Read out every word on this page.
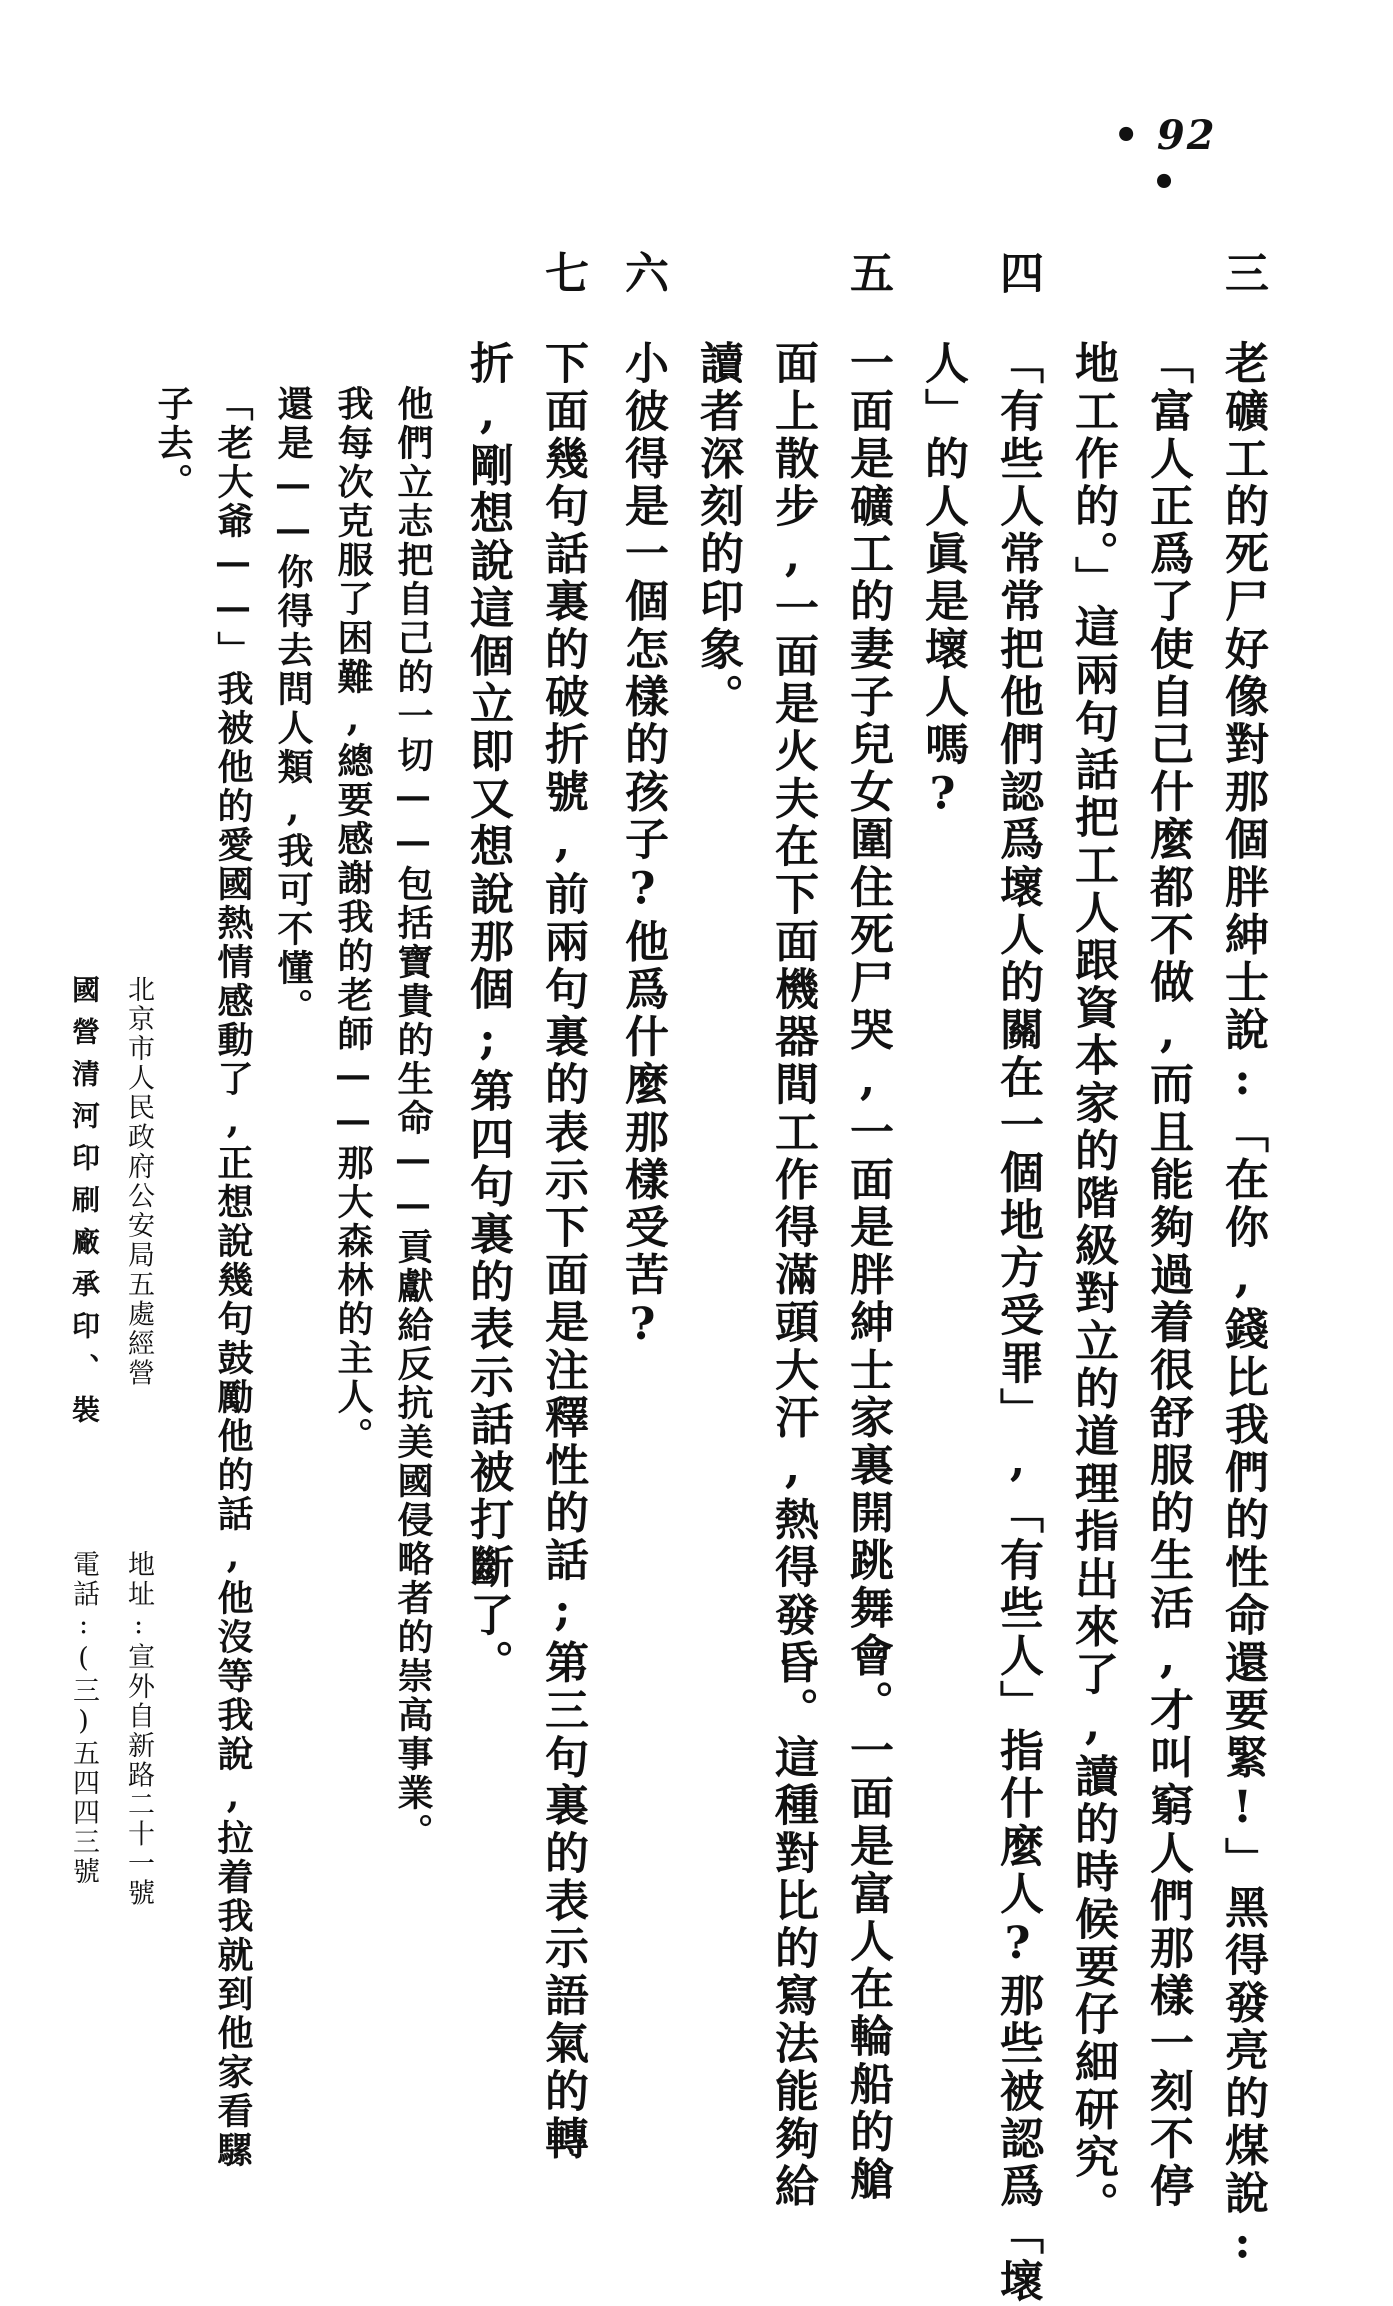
• 92 •
三
老礦工的死尸好像對那個胖紳士說:「在你,錢比我們的性命還要緊!」黑得發亮的煤說:
「富人正爲了使自己什麼都不做,而且能夠過着很舒服的生活,才叫窮人們那樣一刻不停
地工作的。」這兩句話把工人跟資本家的階級對立的道理指出來了,讀的時候要仔細研究。
四
「有些人常常把他們認爲壞人的關在一個地方受罪」,「有些人」指什麼人?那些被認爲「壞
人」的人眞是壞人嗎?
五
一面是礦工的妻子兒女圍住死尸哭,一面是胖紳士家裏開跳舞會。一面是富人在輪船的艙
面上散步,一面是火夫在下面機器間工作得滿頭大汗,熱得發昏。這種對比的寫法能夠給
讀者深刻的印象。
六
小彼得是一個怎樣的孩子?他爲什麼那樣受苦?
七
下面幾句話裏的破折號,前兩句裏的表示下面是注釋性的話;第三句裏的表示語氣的轉
折,剛想說這個立即又想說那個;第四句裏的表示話被打斷了。
他們立志把自己的一切——包括寶貴的生命——貢獻給反抗美國侵略者的崇高事業。
我每次克服了困難,總要感謝我的老師——那大森林的主人。
還是——你得去問人類,我可不懂。
「老大爺——」我被他的愛國熱情感動了,正想說幾句鼓勵他的話,他沒等我說,拉着我就到他家看騾
子去。
北京市人民政府公安局五處經營
地址:宣外自新路二十一號
國營清河印刷廠承印、裝
電話:(三)五四四三號
